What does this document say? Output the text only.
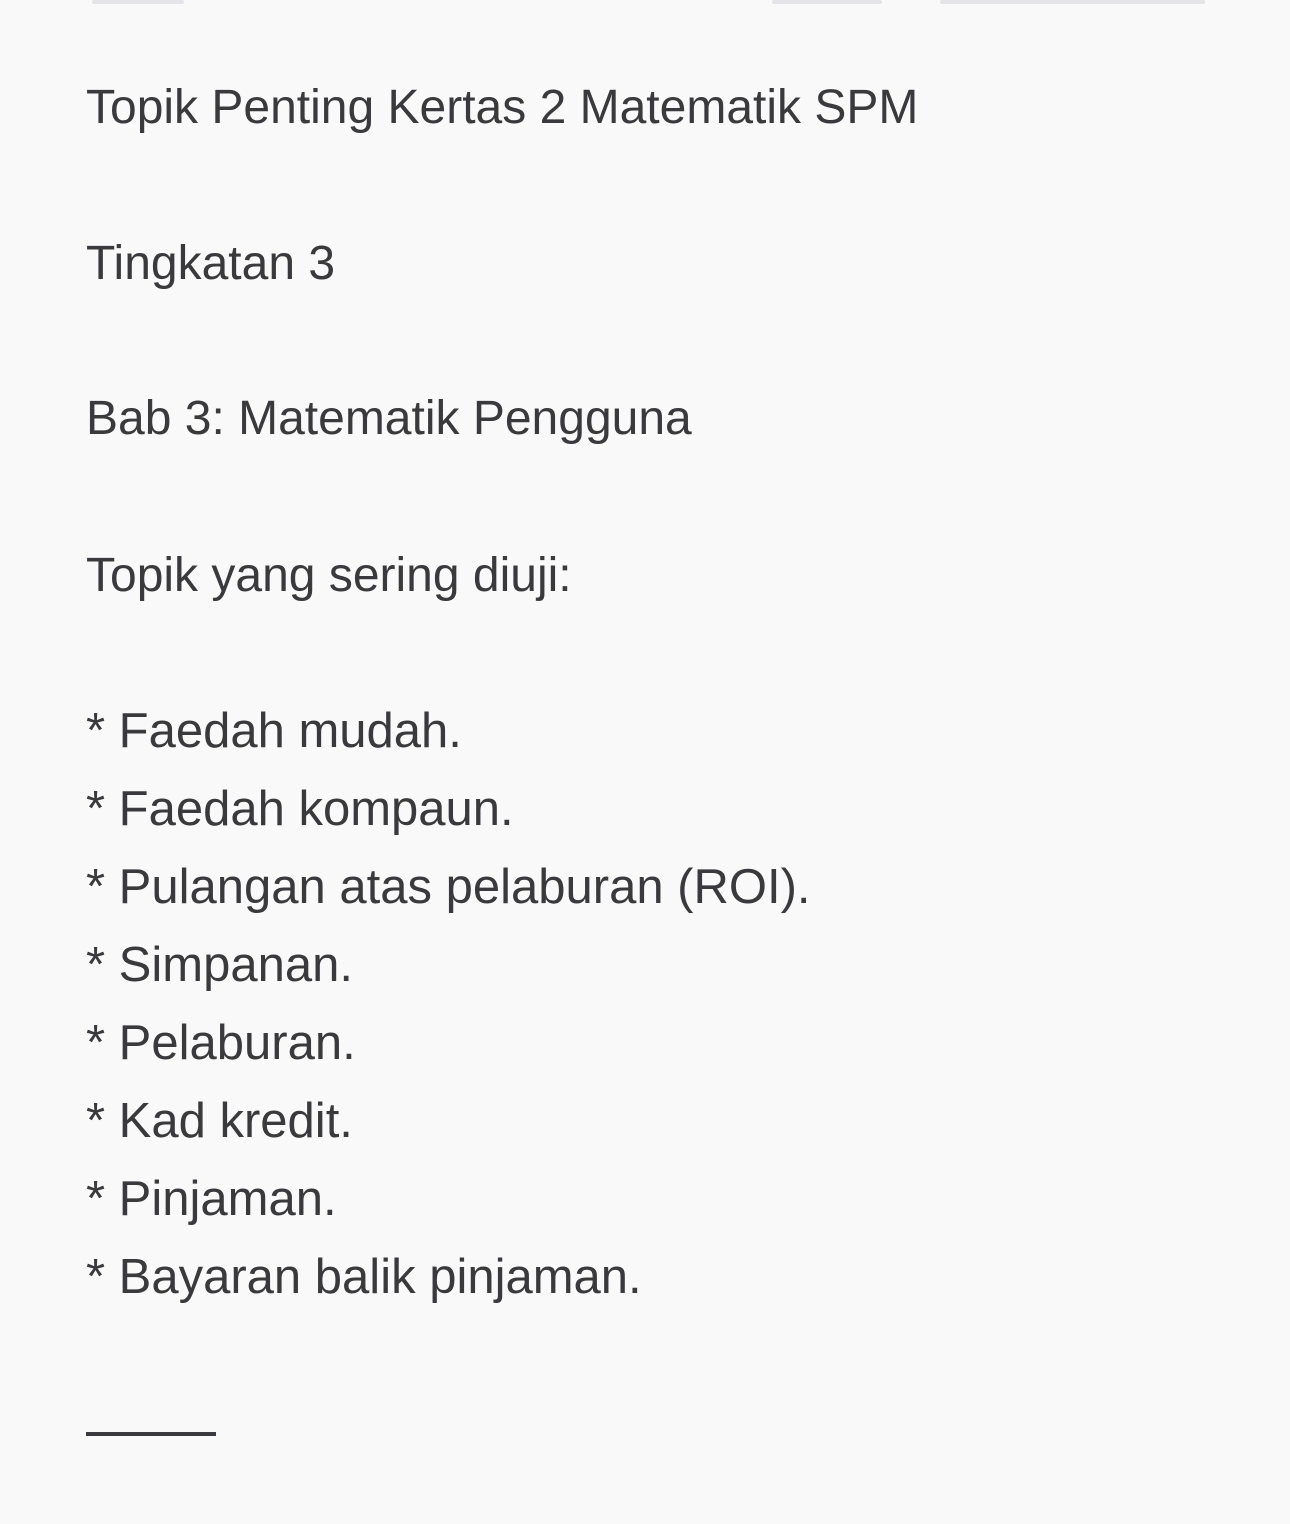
Topik Penting Kertas 2 Matematik SPM

Tingkatan 3

Bab 3: Matematik Pengguna

Topik yang sering diuji:

* Faedah mudah.

* Faedah kompaun.

* Pulangan atas pelaburan (ROI).

* Simpanan.

* Pelaburan.

* Kad kredit.

* Pinjaman.

* Bayaran balik pinjaman.
